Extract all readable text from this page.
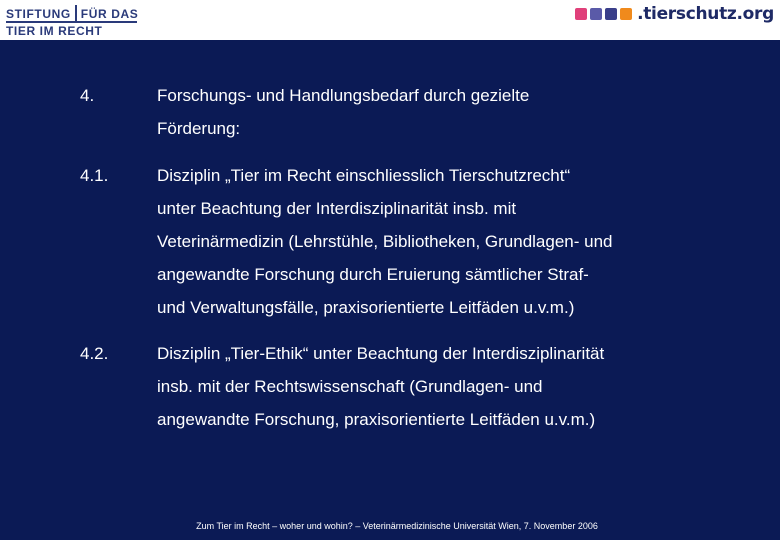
STIFTUNG FÜR DAS
TIER IM RECHT
.tierschutz.org
4.	Forschungs- und Handlungsbedarf durch gezielte
Förderung:
4.1.	Disziplin „Tier im Recht einschliesslich Tierschutzrecht“
unter Beachtung der Interdisziplinarität insb. mit
Veterinärmedizin (Lehrstühle, Bibliotheken, Grundlagen- und
angewandte Forschung durch Eruierung sämtlicher Straf-
und Verwaltungsfälle, praxisorientierte Leitfäden u.v.m.)
4.2.	Disziplin „Tier-Ethik“ unter Beachtung der Interdisziplinarität
insb. mit der Rechtswissenschaft (Grundlagen- und
angewandte Forschung, praxisorientierte Leitfäden u.v.m.)
Zum Tier im Recht – woher und wohin? – Veterinärmedizinische Universität Wien, 7. November 2006
